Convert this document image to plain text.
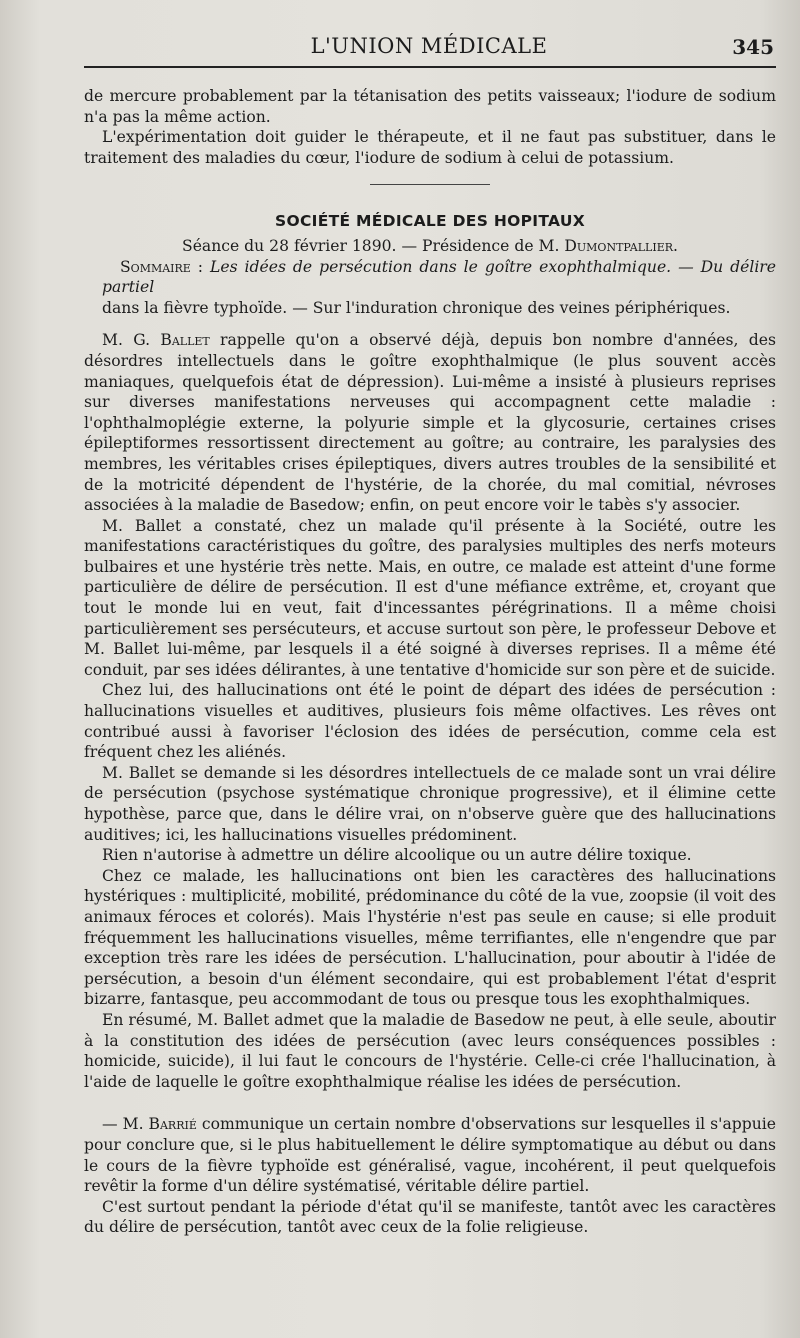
L'UNION MÉDICALE	345

de mercure probablement par la tétanisation des petits vaisseaux; l'iodure de sodium n'a pas la même action.

L'expérimentation doit guider le thérapeute, et il ne faut pas substituer, dans le traitement des maladies du cœur, l'iodure de sodium à celui de potassium.

SOCIÉTÉ MÉDICALE DES HOPITAUX
Séance du 28 février 1890. — Présidence de M. Dumontpallier.

Sommaire : Les idées de persécution dans le goître exophthalmique. — Du délire partiel

dans la fièvre typhoïde. — Sur l'induration chronique des veines périphériques.

M. G. Ballet rappelle qu'on a observé déjà, depuis bon nombre d'années, des désordres intellectuels dans le goître exophthalmique (le plus souvent accès maniaques, quelquefois état de dépression). Lui-même a insisté à plusieurs reprises sur diverses manifestations nerveuses qui accompagnent cette maladie : l'ophthalmoplégie externe, la polyurie simple et la glycosurie, certaines crises épileptiformes ressortissent directement au goître; au contraire, les paralysies des membres, les véritables crises épileptiques, divers autres troubles de la sensibilité et de la motricité dépendent de l'hystérie, de la chorée, du mal comitial, névroses associées à la maladie de Basedow; enfin, on peut encore voir le tabès s'y associer.

M. Ballet a constaté, chez un malade qu'il présente à la Société, outre les manifestations caractéristiques du goître, des paralysies multiples des nerfs moteurs bulbaires et une hystérie très nette. Mais, en outre, ce malade est atteint d'une forme particulière de délire de persécution. Il est d'une méfiance extrême, et, croyant que tout le monde lui en veut, fait d'incessantes pérégrinations. Il a même choisi particulièrement ses persécuteurs, et accuse surtout son père, le professeur Debove et M. Ballet lui-même, par lesquels il a été soigné à diverses reprises. Il a même été conduit, par ses idées délirantes, à une tentative d'homicide sur son père et de suicide.

Chez lui, des hallucinations ont été le point de départ des idées de persécution : hallucinations visuelles et auditives, plusieurs fois même olfactives. Les rêves ont contribué aussi à favoriser l'éclosion des idées de persécution, comme cela est fréquent chez les aliénés.

M. Ballet se demande si les désordres intellectuels de ce malade sont un vrai délire de persécution (psychose systématique chronique progressive), et il élimine cette hypothèse, parce que, dans le délire vrai, on n'observe guère que des hallucinations auditives; ici, les hallucinations visuelles prédominent.

Rien n'autorise à admettre un délire alcoolique ou un autre délire toxique.

Chez ce malade, les hallucinations ont bien les caractères des hallucinations hystériques : multiplicité, mobilité, prédominance du côté de la vue, zoopsie (il voit des animaux féroces et colorés). Mais l'hystérie n'est pas seule en cause; si elle produit fréquemment les hallucinations visuelles, même terrifiantes, elle n'engendre que par exception très rare les idées de persécution. L'hallucination, pour aboutir à l'idée de persécution, a besoin d'un élément secondaire, qui est probablement l'état d'esprit bizarre, fantasque, peu accommodant de tous ou presque tous les exophthalmiques.

En résumé, M. Ballet admet que la maladie de Basedow ne peut, à elle seule, aboutir à la constitution des idées de persécution (avec leurs conséquences possibles : homicide, suicide), il lui faut le concours de l'hystérie. Celle-ci crée l'hallucination, à l'aide de laquelle le goître exophthalmique réalise les idées de persécution.

— M. Barrié communique un certain nombre d'observations sur lesquelles il s'appuie pour conclure que, si le plus habituellement le délire symptomatique au début ou dans le cours de la fièvre typhoïde est généralisé, vague, incohérent, il peut quelquefois revêtir la forme d'un délire systématisé, véritable délire partiel.

C'est surtout pendant la période d'état qu'il se manifeste, tantôt avec les caractères du délire de persécution, tantôt avec ceux de la folie religieuse.
